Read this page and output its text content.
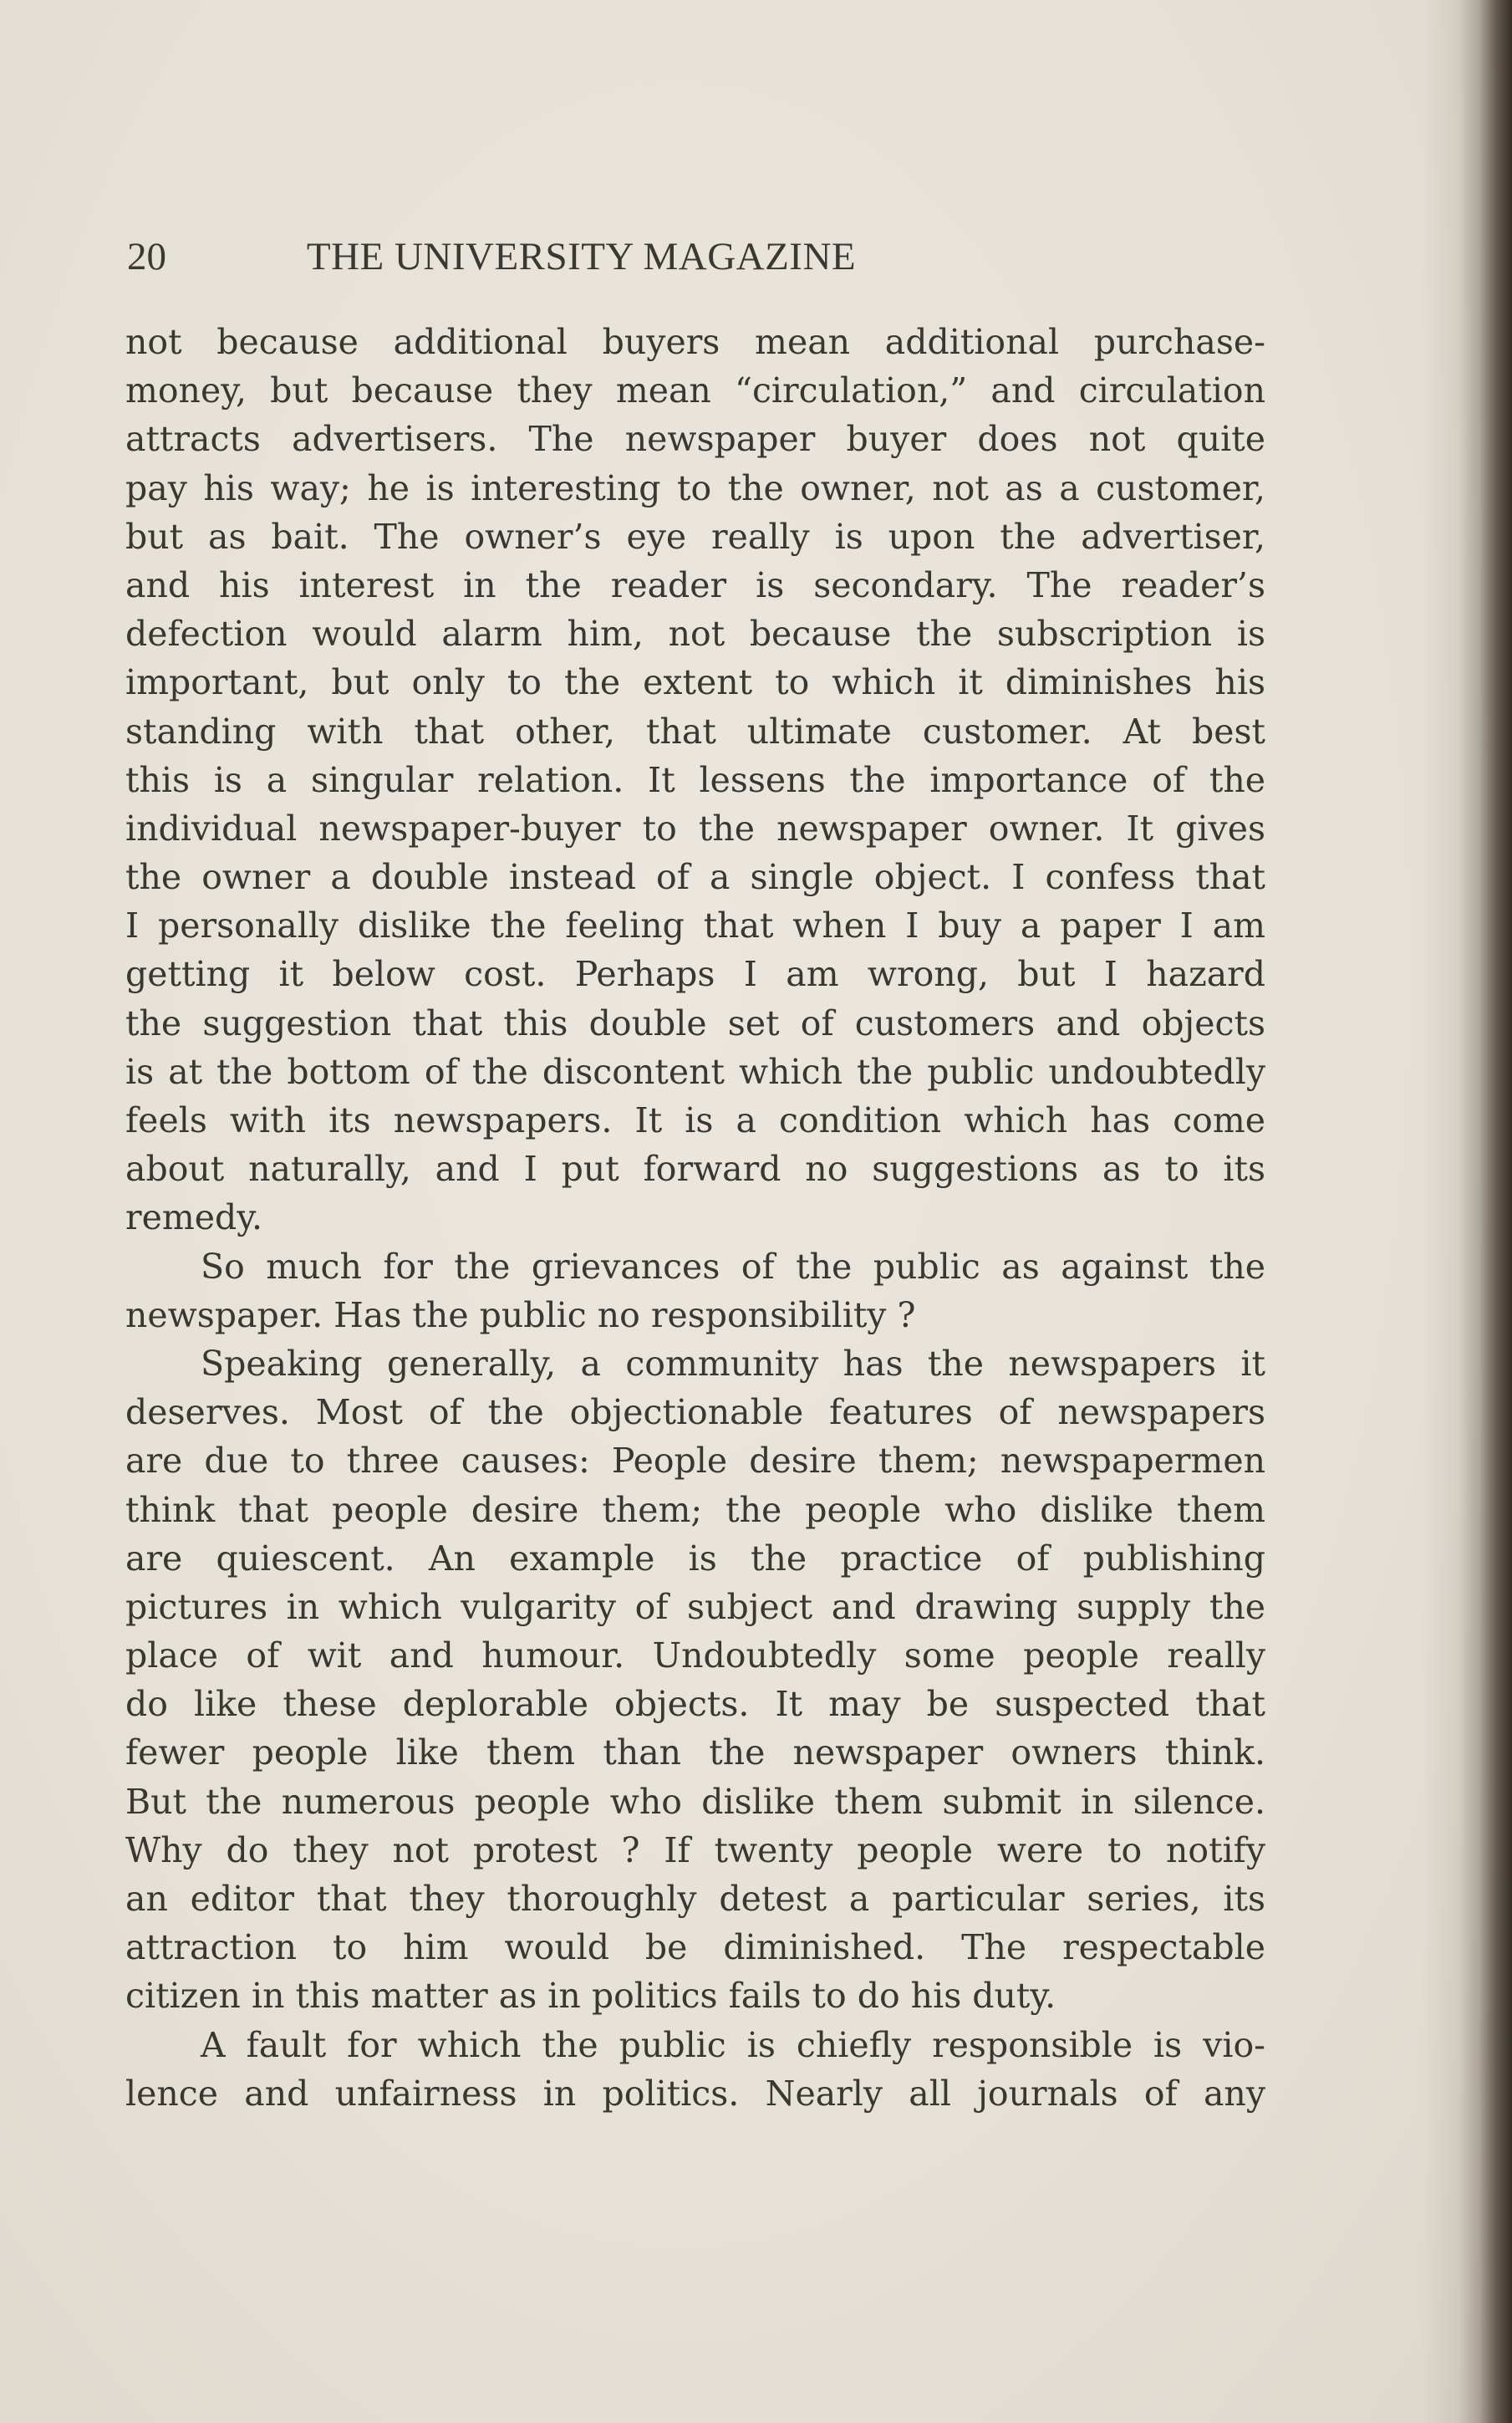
20	THE UNIVERSITY MAGAZINE
not because additional buyers mean additional purchase-
money, but because they mean “circulation,” and circulation
attracts advertisers. The newspaper buyer does not quite
pay his way; he is interesting to the owner, not as a customer,
but as bait. The owner’s eye really is upon the advertiser,
and his interest in the reader is secondary. The reader’s
defection would alarm him, not because the subscription is
important, but only to the extent to which it diminishes his
standing with that other, that ultimate customer. At best
this is a singular relation. It lessens the importance of the
individual newspaper-buyer to the newspaper owner. It gives
the owner a double instead of a single object. I confess that
I personally dislike the feeling that when I buy a paper I am
getting it below cost. Perhaps I am wrong, but I hazard
the suggestion that this double set of customers and objects
is at the bottom of the discontent which the public undoubtedly
feels with its newspapers. It is a condition which has come
about naturally, and I put forward no suggestions as to its
remedy.
So much for the grievances of the public as against the
newspaper. Has the public no responsibility ?
Speaking generally, a community has the newspapers it
deserves. Most of the objectionable features of newspapers
are due to three causes: People desire them; newspapermen
think that people desire them; the people who dislike them
are quiescent. An example is the practice of publishing
pictures in which vulgarity of subject and drawing supply the
place of wit and humour. Undoubtedly some people really
do like these deplorable objects. It may be suspected that
fewer people like them than the newspaper owners think.
But the numerous people who dislike them submit in silence.
Why do they not protest ? If twenty people were to notify
an editor that they thoroughly detest a particular series, its
attraction to him would be diminished. The respectable
citizen in this matter as in politics fails to do his duty.
A fault for which the public is chiefly responsible is vio-
lence and unfairness in politics. Nearly all journals of any
